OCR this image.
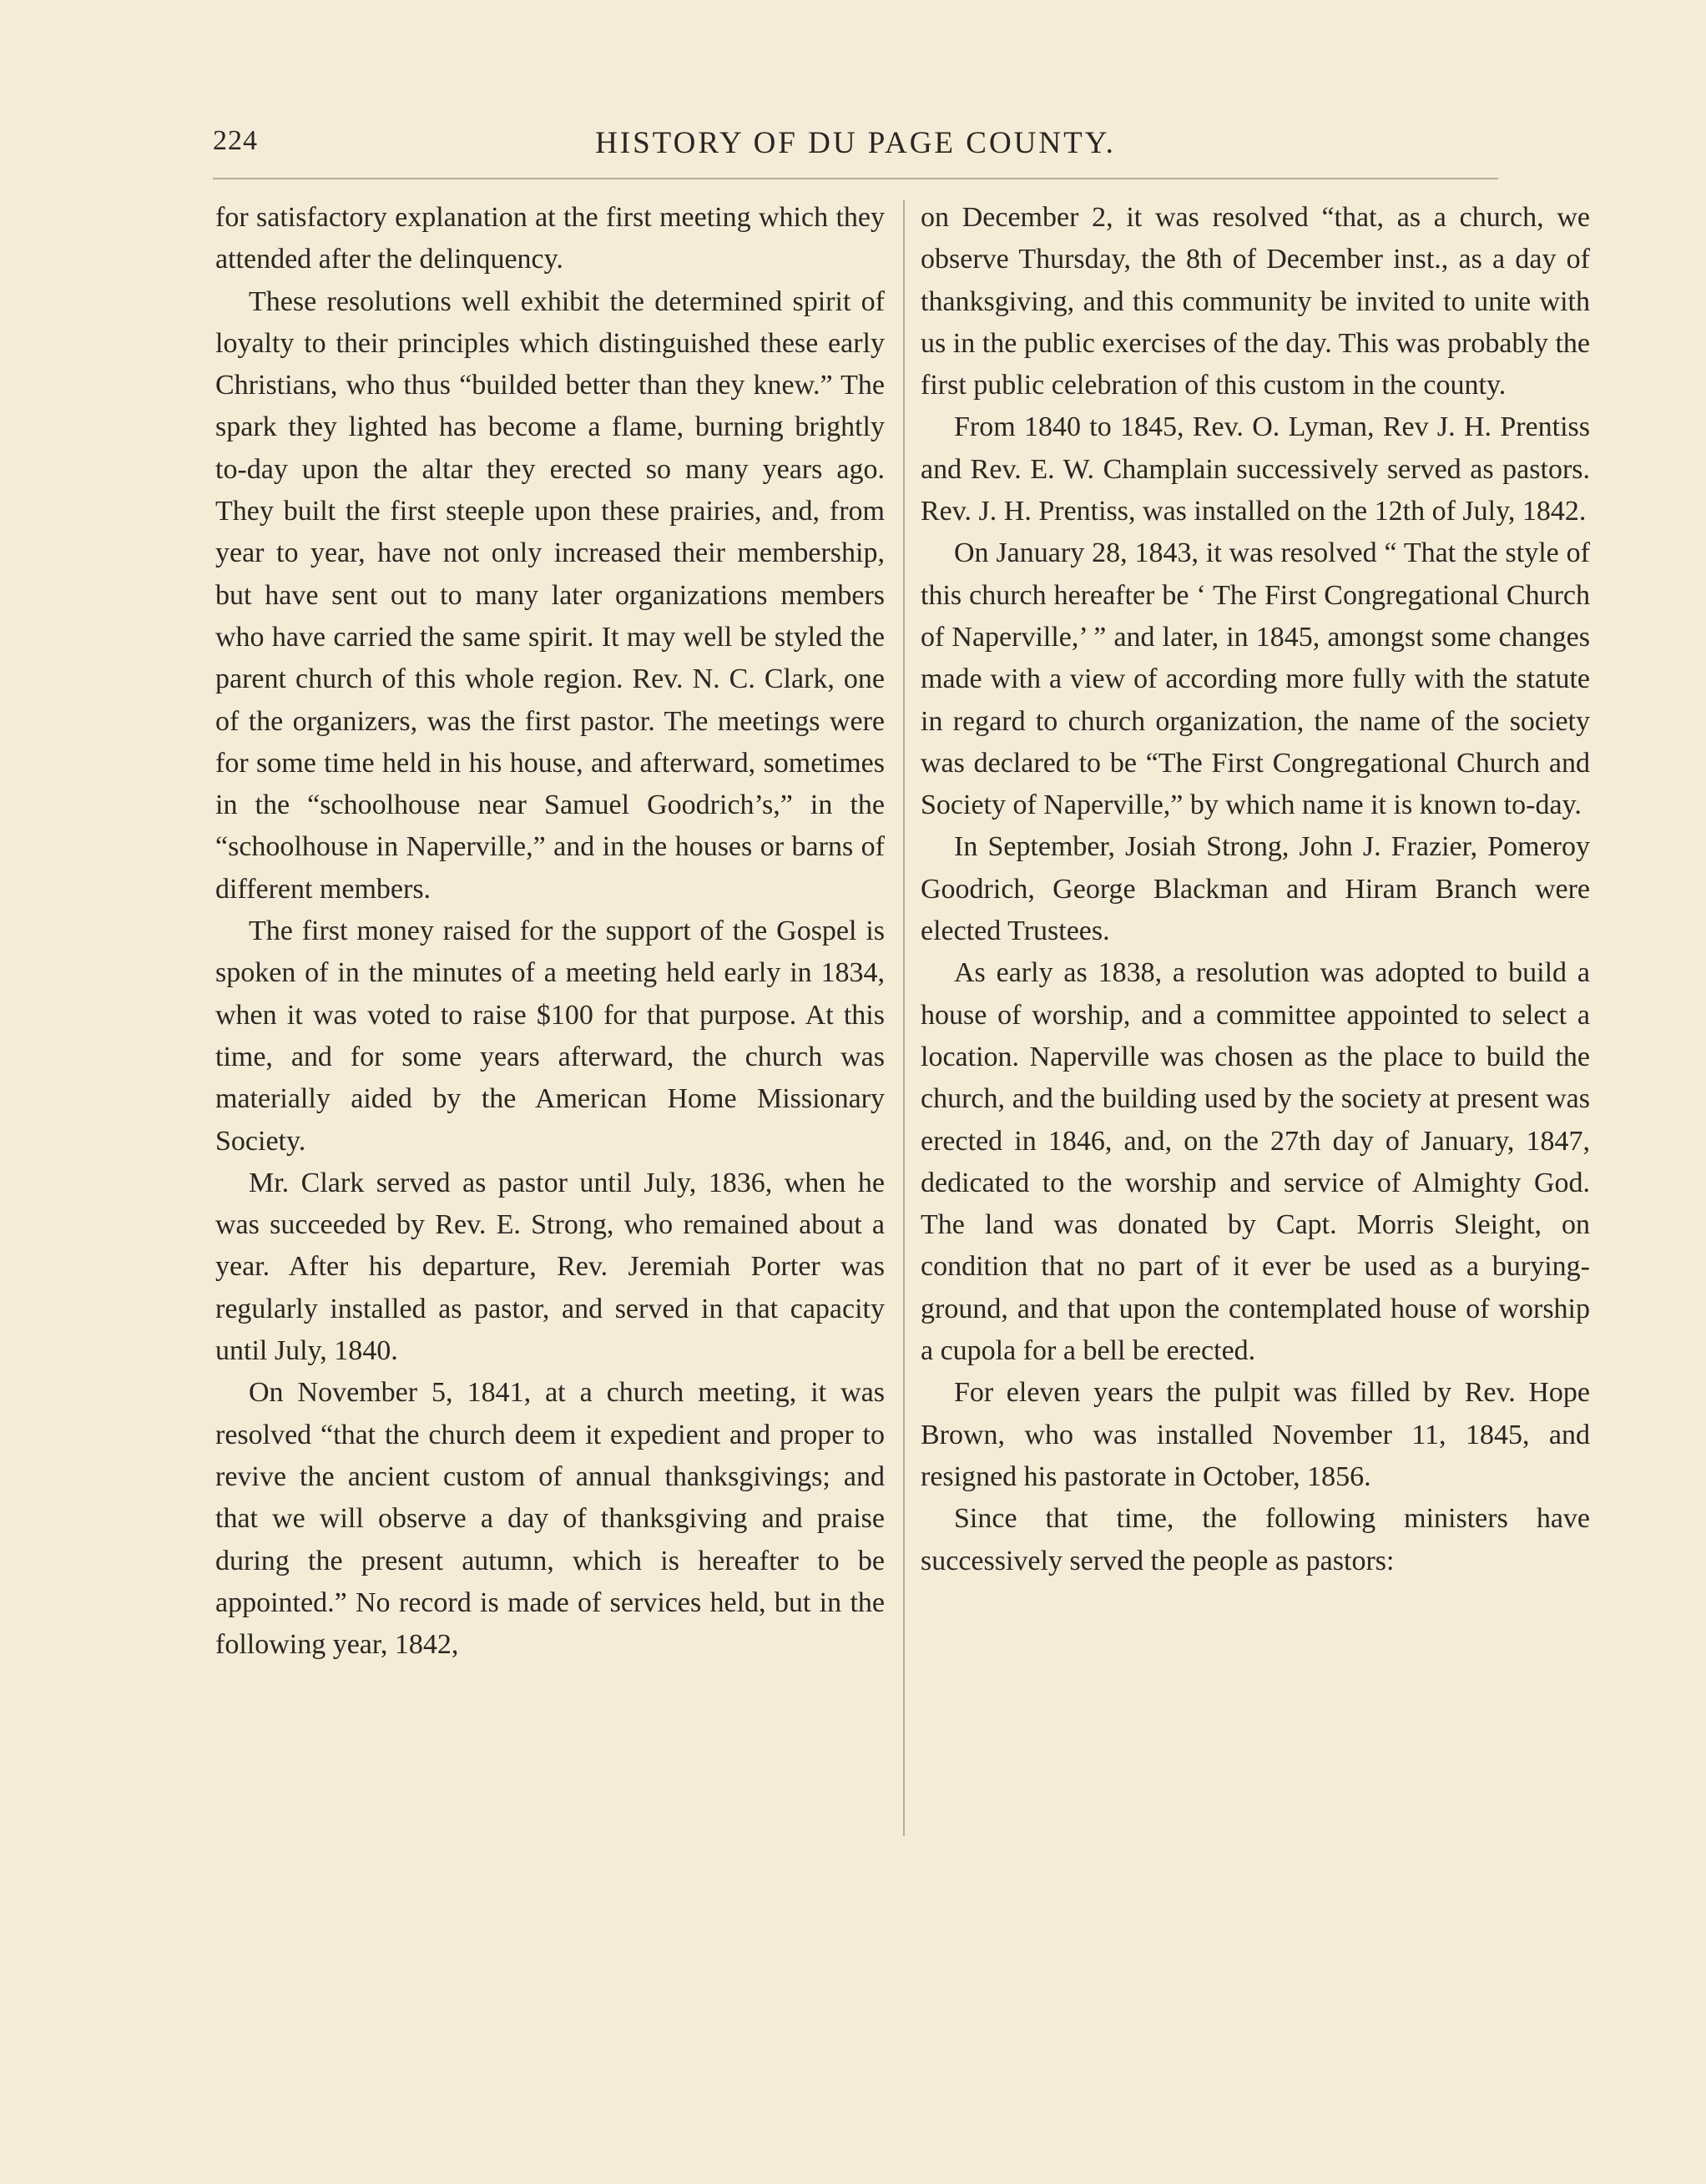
224	HISTORY OF DU PAGE COUNTY.

for satisfactory explanation at the first meeting which they attended after the delinquency.

These resolutions well exhibit the determined spirit of loyalty to their principles which distinguished these early Christians, who thus “builded better than they knew.” The spark they lighted has become a flame, burning brightly to-day upon the altar they erected so many years ago. They built the first steeple upon these prairies, and, from year to year, have not only increased their membership, but have sent out to many later organizations members who have carried the same spirit. It may well be styled the parent church of this whole region. Rev. N. C. Clark, one of the organizers, was the first pastor. The meetings were for some time held in his house, and afterward, sometimes in the “schoolhouse near Samuel Goodrich’s,” in the “schoolhouse in Naperville,” and in the houses or barns of different members.

The first money raised for the support of the Gospel is spoken of in the minutes of a meeting held early in 1834, when it was voted to raise $100 for that purpose. At this time, and for some years afterward, the church was materially aided by the American Home Missionary Society.

Mr. Clark served as pastor until July, 1836, when he was succeeded by Rev. E. Strong, who remained about a year. After his departure, Rev. Jeremiah Porter was regularly installed as pastor, and served in that capacity until July, 1840.

On November 5, 1841, at a church meeting, it was resolved “that the church deem it expedient and proper to revive the ancient custom of annual thanksgivings; and that we will observe a day of thanksgiving and praise during the present autumn, which is hereafter to be appointed.” No record is made of services held, but in the following year, 1842,

on December 2, it was resolved “that, as a church, we observe Thursday, the 8th of December inst., as a day of thanksgiving, and this community be invited to unite with us in the public exercises of the day. This was probably the first public celebration of this custom in the county.

From 1840 to 1845, Rev. O. Lyman, Rev J. H. Prentiss and Rev. E. W. Champlain successively served as pastors. Rev. J. H. Prentiss, was installed on the 12th of July, 1842.

On January 28, 1843, it was resolved “ That the style of this church hereafter be ‘ The First Congregational Church of Naperville,’ ” and later, in 1845, amongst some changes made with a view of according more fully with the statute in regard to church organization, the name of the society was declared to be “The First Congregational Church and Society of Naperville,” by which name it is known to-day.

In September, Josiah Strong, John J. Frazier, Pomeroy Goodrich, George Blackman and Hiram Branch were elected Trustees.

As early as 1838, a resolution was adopted to build a house of worship, and a committee appointed to select a location. Naperville was chosen as the place to build the church, and the building used by the society at present was erected in 1846, and, on the 27th day of January, 1847, dedicated to the worship and service of Almighty God. The land was donated by Capt. Morris Sleight, on condition that no part of it ever be used as a burying-ground, and that upon the contemplated house of worship a cupola for a bell be erected.

For eleven years the pulpit was filled by Rev. Hope Brown, who was installed November 11, 1845, and resigned his pastorate in October, 1856.

Since that time, the following ministers have successively served the people as pastors:
